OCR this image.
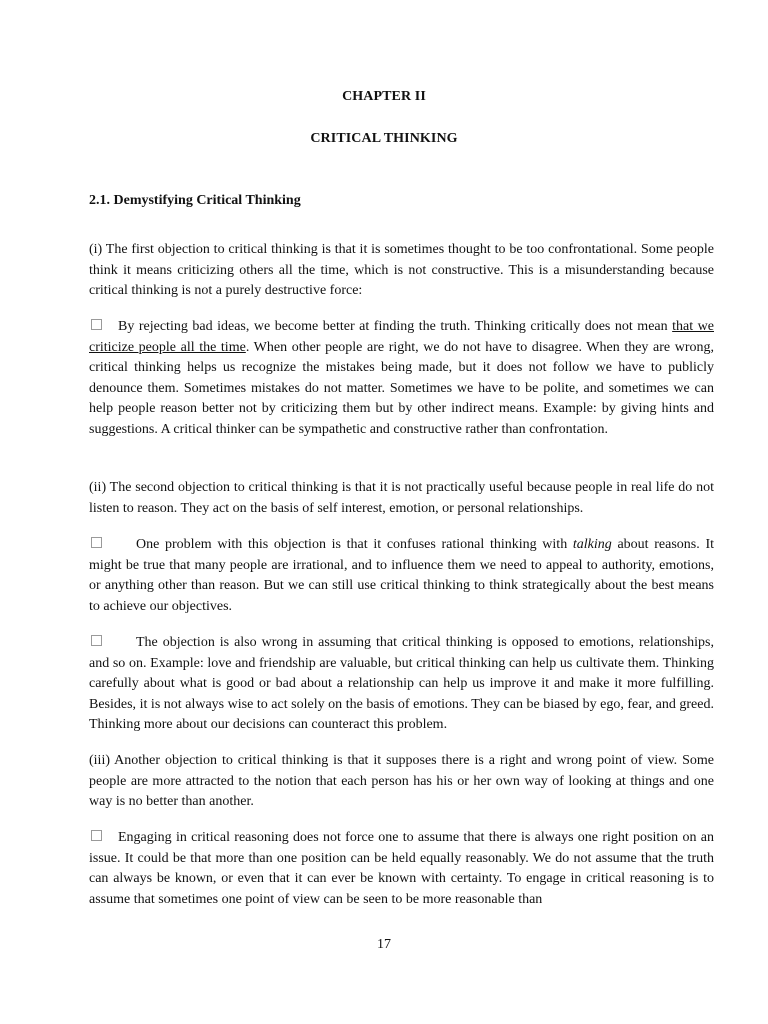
CHAPTER II
CRITICAL THINKING
2.1. Demystifying Critical Thinking

(i) The first objection to critical thinking is that it is sometimes thought to be too confrontational. Some people think it means criticizing others all the time, which is not constructive. This is a misunderstanding because critical thinking is not a purely destructive force:

By rejecting bad ideas, we become better at finding the truth. Thinking critically does not mean that we criticize people all the time. When other people are right, we do not have to disagree. When they are wrong, critical thinking helps us recognize the mistakes being made, but it does not follow we have to publicly denounce them. Sometimes mistakes do not matter. Sometimes we have to be polite, and sometimes we can help people reason better not by criticizing them but by other indirect means. Example: by giving hints and suggestions. A critical thinker can be sympathetic and constructive rather than confrontation.

(ii) The second objection to critical thinking is that it is not practically useful because people in real life do not listen to reason. They act on the basis of self interest, emotion, or personal relationships.

One problem with this objection is that it confuses rational thinking with talking about reasons. It might be true that many people are irrational, and to influence them we need to appeal to authority, emotions, or anything other than reason. But we can still use critical thinking to think strategically about the best means to achieve our objectives.

The objection is also wrong in assuming that critical thinking is opposed to emotions, relationships, and so on. Example: love and friendship are valuable, but critical thinking can help us cultivate them. Thinking carefully about what is good or bad about a relationship can help us improve it and make it more fulfilling. Besides, it is not always wise to act solely on the basis of emotions. They can be biased by ego, fear, and greed. Thinking more about our decisions can counteract this problem.

(iii) Another objection to critical thinking is that it supposes there is a right and wrong point of view. Some people are more attracted to the notion that each person has his or her own way of looking at things and one way is no better than another.

Engaging in critical reasoning does not force one to assume that there is always one right position on an issue. It could be that more than one position can be held equally reasonably. We do not assume that the truth can always be known, or even that it can ever be known with certainty. To engage in critical reasoning is to assume that sometimes one point of view can be seen to be more reasonable than

17
